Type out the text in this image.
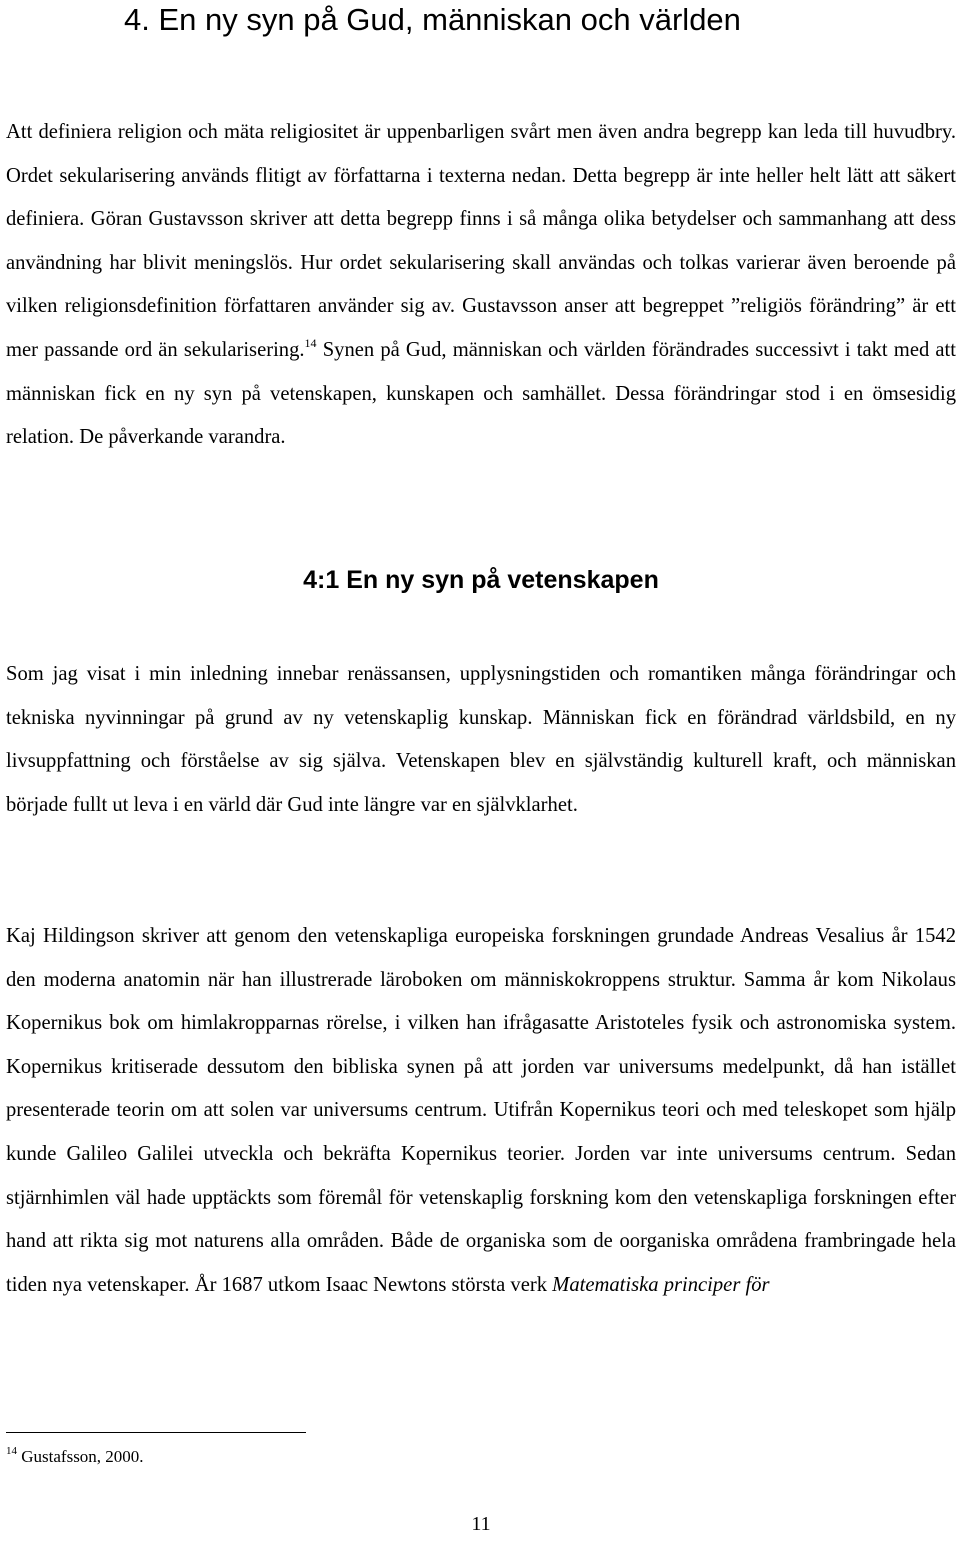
4. En ny syn på Gud, människan och världen

Att definiera religion och mäta religiositet är uppenbarligen svårt men även andra begrepp kan leda till huvudbry. Ordet sekularisering används flitigt av författarna i texterna nedan. Detta begrepp är inte heller helt lätt att säkert definiera. Göran Gustavsson skriver att detta begrepp finns i så många olika betydelser och sammanhang att dess användning har blivit meningslös. Hur ordet sekularisering skall användas och tolkas varierar även beroende på vilken religionsdefinition författaren använder sig av. Gustavsson anser att begreppet ”religiös förändring” är ett mer passande ord än sekularisering.$^{14}$ Synen på Gud, människan och världen förändrades successivt i takt med att människan fick en ny syn på vetenskapen, kunskapen och samhället. Dessa förändringar stod i en ömsesidig relation. De påverkande varandra.

4:1 En ny syn på vetenskapen

Som jag visat i min inledning innebar renässansen, upplysningstiden och romantiken många förändringar och tekniska nyvinningar på grund av ny vetenskaplig kunskap. Människan fick en förändrad världsbild, en ny livsuppfattning och förståelse av sig själva. Vetenskapen blev en självständig kulturell kraft, och människan började fullt ut leva i en värld där Gud inte längre var en självklarhet.

Kaj Hildingson skriver att genom den vetenskapliga europeiska forskningen grundade Andreas Vesalius år 1542 den moderna anatomin när han illustrerade läroboken om människokroppens struktur. Samma år kom Nikolaus Kopernikus bok om himlakropparnas rörelse, i vilken han ifrågasatte Aristoteles fysik och astronomiska system. Kopernikus kritiserade dessutom den bibliska synen på att jorden var universums medelpunkt, då han istället presenterade teorin om att solen var universums centrum. Utifrån Kopernikus teori och med teleskopet som hjälp kunde Galileo Galilei utveckla och bekräfta Kopernikus teorier. Jorden var inte universums centrum. Sedan stjärnhimlen väl hade upptäckts som föremål för vetenskaplig forskning kom den vetenskapliga forskningen efter hand att rikta sig mot naturens alla områden. Både de organiska som de oorganiska områdena frambringade hela tiden nya vetenskaper. År 1687 utkom Isaac Newtons största verk Matematiska principer för

$^{14}$ Gustafsson, 2000.
11
